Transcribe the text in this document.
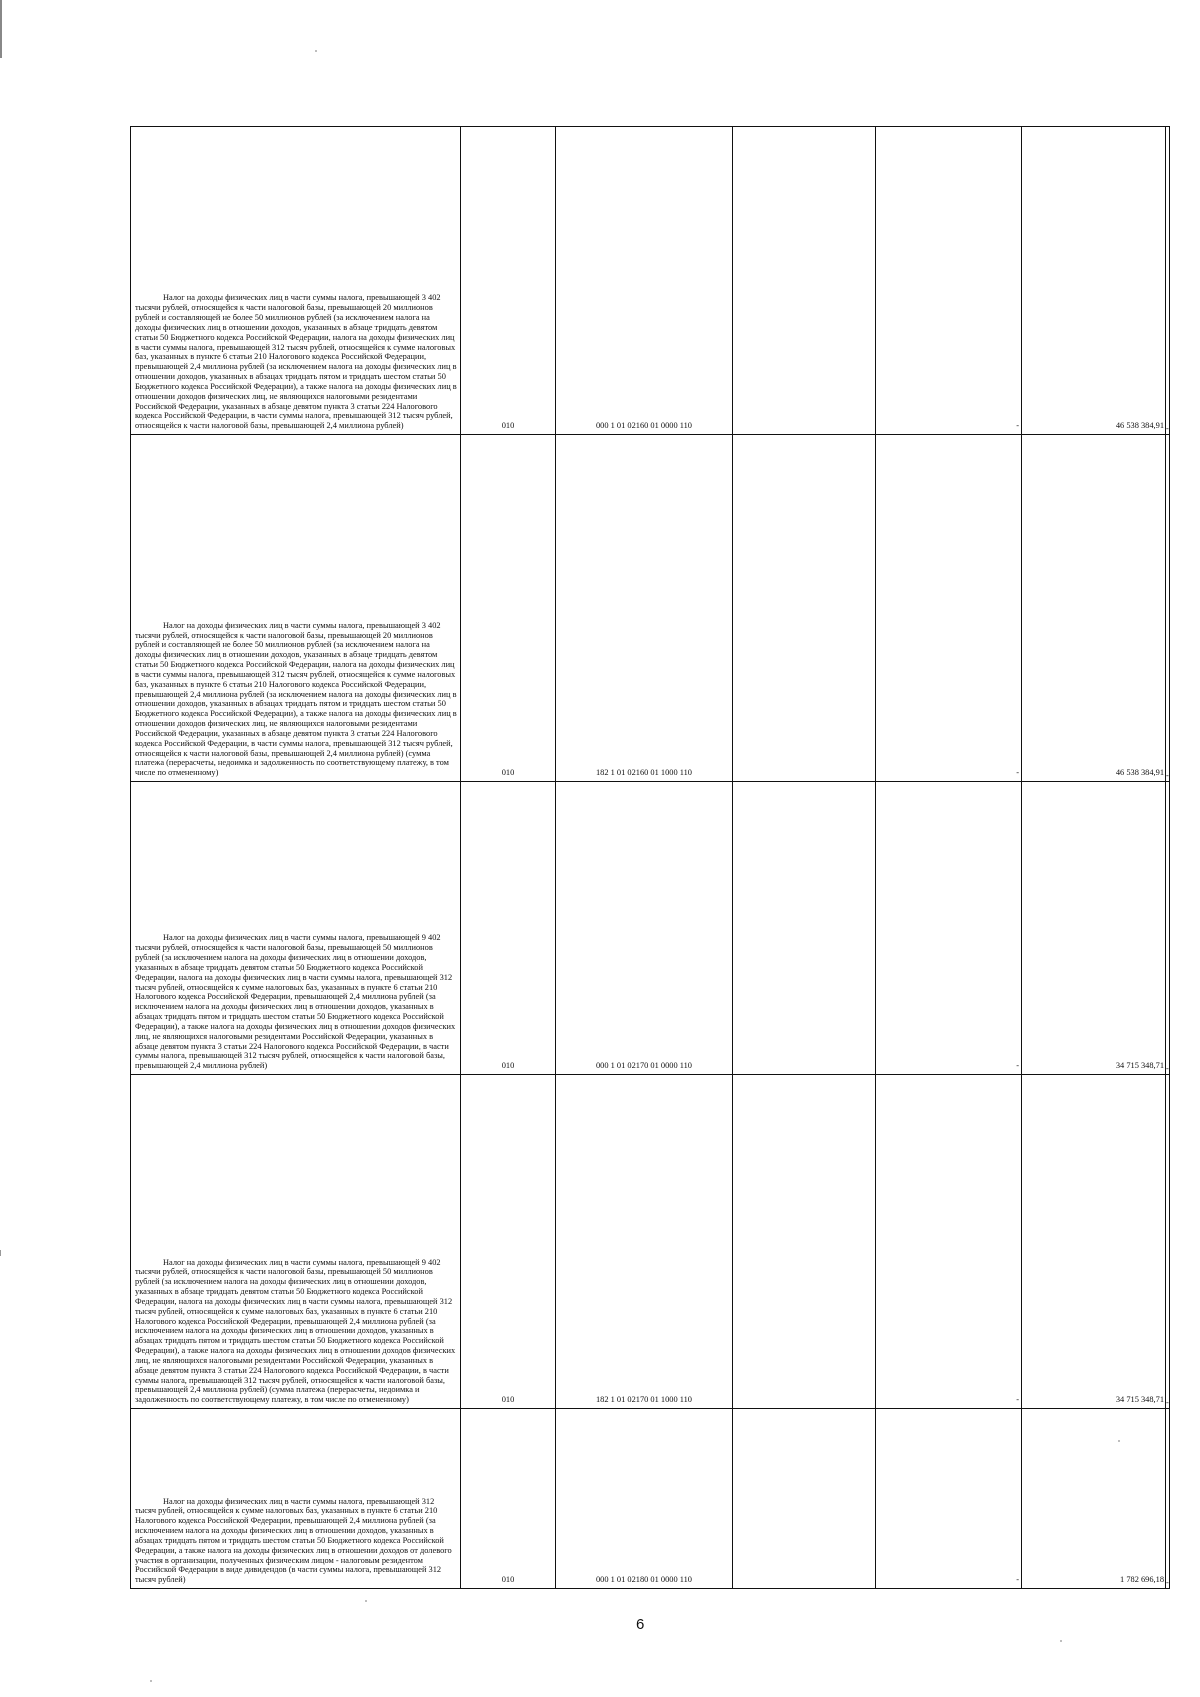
Налог на доходы физических лиц в части суммы налога, превышающей 3 402 тысячи рублей, относящейся к части налоговой базы, превышающей 20 миллионов рублей и составляющей не более 50 миллионов рублей (за исключением налога на доходы физических лиц в отношении доходов, указанных в абзаце тридцать девятом статьи 50 Бюджетного кодекса Российской Федерации, налога на доходы физических лиц в части суммы налога, превышающей 312 тысяч рублей, относящейся к сумме налоговых баз, указанных в пункте 6 статьи 210 Налогового кодекса Российской Федерации, превышающей 2,4 миллиона рублей (за исключением налога на доходы физических лиц в отношении доходов, указанных в абзацах тридцать пятом и тридцать шестом статьи 50 Бюджетного кодекса Российской Федерации), а также налога на доходы физических лиц в отношении доходов физических лиц, не являющихся налоговыми резидентами Российской Федерации, указанных в абзаце девятом пункта 3 статьи 224 Налогового кодекса Российской Федерации, в части суммы налога, превышающей 312 тысяч рублей, относящейся к части налоговой базы, превышающей 2,4 миллиона рублей)	010	000 1 01 02160 01 0000 110		-	46 538 384,91	-

Налог на доходы физических лиц в части суммы налога, превышающей 3 402 тысячи рублей, относящейся к части налоговой базы, превышающей 20 миллионов рублей и составляющей не более 50 миллионов рублей (за исключением налога на доходы физических лиц в отношении доходов, указанных в абзаце тридцать девятом статьи 50 Бюджетного кодекса Российской Федерации, налога на доходы физических лиц в части суммы налога, превышающей 312 тысяч рублей, относящейся к сумме налоговых баз, указанных в пункте 6 статьи 210 Налогового кодекса Российской Федерации, превышающей 2,4 миллиона рублей (за исключением налога на доходы физических лиц в отношении доходов, указанных в абзацах тридцать пятом и тридцать шестом статьи 50 Бюджетного кодекса Российской Федерации), а также налога на доходы физических лиц в отношении доходов физических лиц, не являющихся налоговыми резидентами Российской Федерации, указанных в абзаце девятом пункта 3 статьи 224 Налогового кодекса Российской Федерации, в части суммы налога, превышающей 312 тысяч рублей, относящейся к части налоговой базы, превышающей 2,4 миллиона рублей) (сумма платежа (перерасчеты, недоимка и задолженность по соответствующему платежу, в том числе по отмененному)	010	182 1 01 02160 01 1000 110		-	46 538 384,91	-

Налог на доходы физических лиц в части суммы налога, превышающей 9 402 тысячи рублей, относящейся к части налоговой базы, превышающей 50 миллионов рублей (за исключением налога на доходы физических лиц в отношении доходов, указанных в абзаце тридцать девятом статьи 50 Бюджетного кодекса Российской Федерации, налога на доходы физических лиц в части суммы налога, превышающей 312 тысяч рублей, относящейся к сумме налоговых баз, указанных в пункте 6 статьи 210 Налогового кодекса Российской Федерации, превышающей 2,4 миллиона рублей (за исключением налога на доходы физических лиц в отношении доходов, указанных в абзацах тридцать пятом и тридцать шестом статьи 50 Бюджетного кодекса Российской Федерации), а также налога на доходы физических лиц в отношении доходов физических лиц, не являющихся налоговыми резидентами Российской Федерации, указанных в абзаце девятом пункта 3 статьи 224 Налогового кодекса Российской Федерации, в части суммы налога, превышающей 312 тысяч рублей, относящейся к части налоговой базы, превышающей 2,4 миллиона рублей)	010	000 1 01 02170 01 0000 110		-	34 715 348,71	-

Налог на доходы физических лиц в части суммы налога, превышающей 9 402 тысячи рублей, относящейся к части налоговой базы, превышающей 50 миллионов рублей (за исключением налога на доходы физических лиц в отношении доходов, указанных в абзаце тридцать девятом статьи 50 Бюджетного кодекса Российской Федерации, налога на доходы физических лиц в части суммы налога, превышающей 312 тысяч рублей, относящейся к сумме налоговых баз, указанных в пункте 6 статьи 210 Налогового кодекса Российской Федерации, превышающей 2,4 миллиона рублей (за исключением налога на доходы физических лиц в отношении доходов, указанных в абзацах тридцать пятом и тридцать шестом статьи 50 Бюджетного кодекса Российской Федерации), а также налога на доходы физических лиц в отношении доходов физических лиц, не являющихся налоговыми резидентами Российской Федерации, указанных в абзаце девятом пункта 3 статьи 224 Налогового кодекса Российской Федерации, в части суммы налога, превышающей 312 тысяч рублей, относящейся к части налоговой базы, превышающей 2,4 миллиона рублей) (сумма платежа (перерасчеты, недоимка и задолженность по соответствующему платежу, в том числе по отмененному)	010	182 1 01 02170 01 1000 110		-	34 715 348,71	-

Налог на доходы физических лиц в части суммы налога, превышающей 312 тысяч рублей, относящейся к сумме налоговых баз, указанных в пункте 6 статьи 210 Налогового кодекса Российской Федерации, превышающей 2,4 миллиона рублей (за исключением налога на доходы физических лиц в отношении доходов, указанных в абзацах тридцать пятом и тридцать шестом статьи 50 Бюджетного кодекса Российской Федерации, а также налога на доходы физических лиц в отношении доходов от долевого участия в организации, полученных физическим лицом - налоговым резидентом Российской Федерации в виде дивидендов (в части суммы налога, превышающей 312 тысяч рублей)	010	000 1 01 02180 01 0000 110		-	1 782 696,18	-
6
